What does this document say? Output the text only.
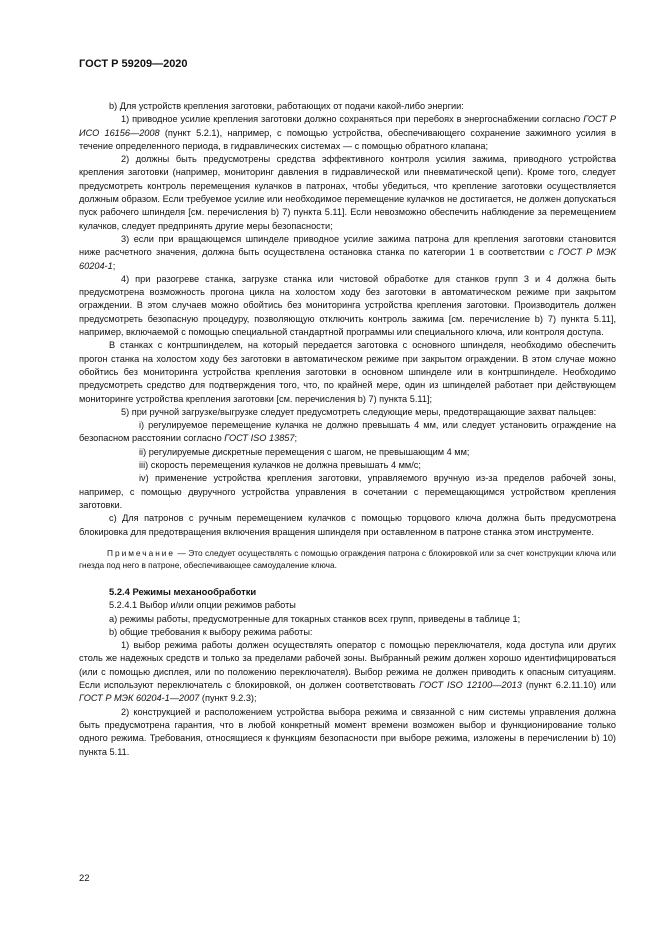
ГОСТ Р 59209—2020

b) Для устройств крепления заготовки, работающих от подачи какой-либо энергии:

1) приводное усилие крепления заготовки должно сохраняться при перебоях в энергоснабжении согласно ГОСТ Р ИСО 16156—2008 (пункт 5.2.1), например, с помощью устройства, обеспечивающего сохранение зажимного усилия в течение определенного периода, в гидравлических системах — с помощью обратного клапана;

2) должны быть предусмотрены средства эффективного контроля усилия зажима, приводного устройства крепления заготовки (например, мониторинг давления в гидравлической или пневматической цепи). Кроме того, следует предусмотреть контроль перемещения кулачков в патронах, чтобы убедиться, что крепление заготовки осуществляется должным образом. Если требуемое усилие или необходимое перемещение кулачков не достигается, не должен допускаться пуск рабочего шпинделя [см. перечисления b) 7) пункта 5.11]. Если невозможно обеспечить наблюдение за перемещением кулачков, следует предпринять другие меры безопасности;

3) если при вращающемся шпинделе приводное усилие зажима патрона для крепления заготовки становится ниже расчетного значения, должна быть осуществлена остановка станка по категории 1 в соответствии с ГОСТ Р МЭК 60204-1;

4) при разогреве станка, загрузке станка или чистовой обработке для станков групп 3 и 4 должна быть предусмотрена возможность прогона цикла на холостом ходу без заготовки в автоматическом режиме при закрытом ограждении. В этом случаев можно обойтись без мониторинга устройства крепления заготовки. Производитель должен предусмотреть безопасную процедуру, позволяющую отключить контроль зажима [см. перечисление b) 7) пункта 5.11], например, включаемой с помощью специальной стандартной программы или специального ключа, или контроля доступа.

В станках с контршпинделем, на который передается заготовка с основного шпинделя, необходимо обеспечить прогон станка на холостом ходу без заготовки в автоматическом режиме при закрытом ограждении. В этом случае можно обойтись без мониторинга устройства крепления заготовки в основном шпинделе или в контршпинделе. Необходимо предусмотреть средство для подтверждения того, что, по крайней мере, один из шпинделей работает при действующем мониторинге устройства крепления заготовки [см. перечисления b) 7) пункта 5.11];

5) при ручной загрузке/выгрузке следует предусмотреть следующие меры, предотвращающие захват пальцев:

i) регулируемое перемещение кулачка не должно превышать 4 мм, или следует установить ограждение на безопасном расстоянии согласно ГОСТ ISO 13857;

ii) регулируемые дискретные перемещения с шагом, не превышающим 4 мм;

iii) скорость перемещения кулачков не должна превышать 4 мм/с;

iv) применение устройства крепления заготовки, управляемого вручную из-за пределов рабочей зоны, например, с помощью двуручного устройства управления в сочетании с перемещающимся устройством крепления заготовки.

c) Для патронов с ручным перемещением кулачков с помощью торцового ключа должна быть предусмотрена блокировка для предотвращения включения вращения шпинделя при оставленном в патроне станка этом инструменте.

Примечание — Это следует осуществлять с помощью ограждения патрона с блокировкой или за счет конструкции ключа или гнезда под него в патроне, обеспечивающее самоудаление ключа.

5.2.4 Режимы механообработки

5.2.4.1 Выбор и/или опции режимов работы

а) режимы работы, предусмотренные для токарных станков всех групп, приведены в таблице 1;

b) общие требования к выбору режима работы:

1) выбор режима работы должен осуществлять оператор с помощью переключателя, кода доступа или других столь же надежных средств и только за пределами рабочей зоны. Выбранный режим должен хорошо идентифицироваться (или с помощью дисплея, или по положению переключателя). Выбор режима не должен приводить к опасным ситуациям. Если используют переключатель с блокировкой, он должен соответствовать ГОСТ ISO 12100—2013 (пункт 6.2.11.10) или ГОСТ Р МЭК 60204-1—2007 (пункт 9.2.3);

2) конструкцией и расположением устройства выбора режима и связанной с ним системы управления должна быть предусмотрена гарантия, что в любой конкретный момент времени возможен выбор и функционирование только одного режима. Требования, относящиеся к функциям безопасности при выборе режима, изложены в перечислении b) 10) пункта 5.11.

22
